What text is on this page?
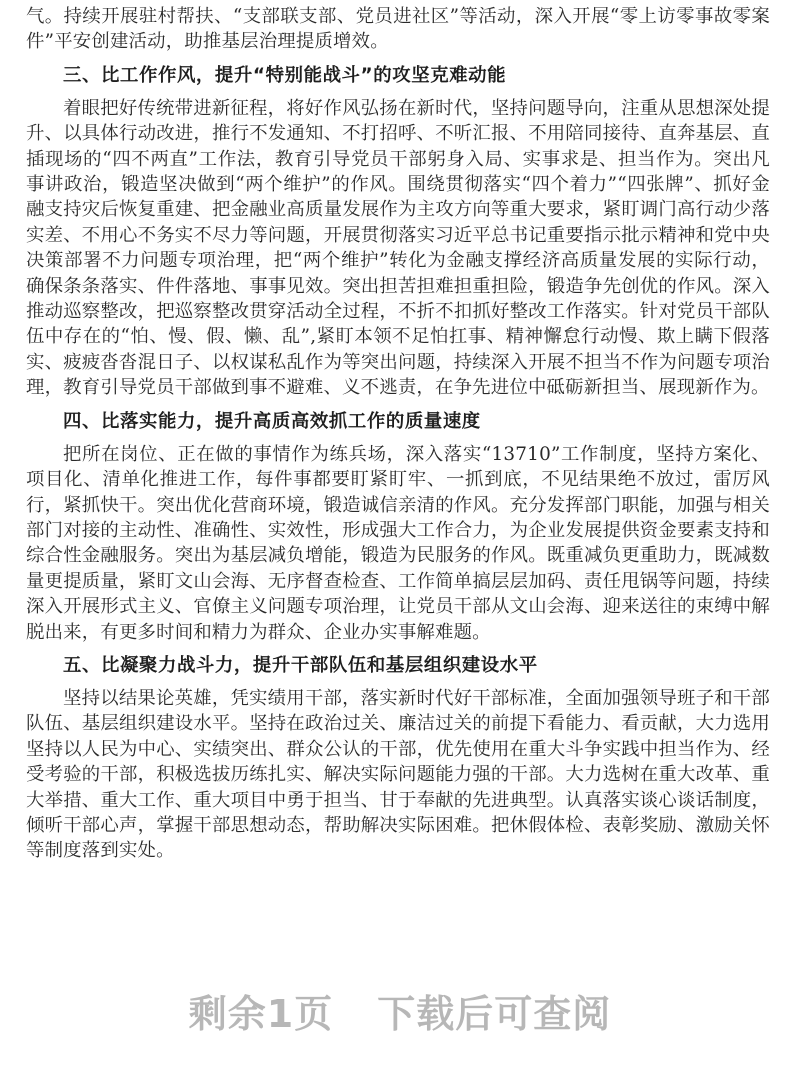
气。持续开展驻村帮扶、“支部联支部、党员进社区”等活动，深入开展“零上访零事故零案件”平安创建活动，助推基层治理提质增效。

三、比工作作风，提升“特别能战斗”的攻坚克难动能

着眼把好传统带进新征程，将好作风弘扬在新时代，坚持问题导向，注重从思想深处提升、以具体行动改进，推行不发通知、不打招呼、不听汇报、不用陪同接待、直奔基层、直插现场的“四不两直”工作法，教育引导党员干部躬身入局、实事求是、担当作为。突出凡事讲政治，锻造坚决做到“两个维护”的作风。围绕贯彻落实“四个着力”“四张牌”、抓好金融支持灾后恢复重建、把金融业高质量发展作为主攻方向等重大要求，紧盯调门高行动少落实差、不用心不务实不尽力等问题，开展贯彻落实习近平总书记重要指示批示精神和党中央决策部署不力问题专项治理，把“两个维护”转化为金融支撑经济高质量发展的实际行动，确保条条落实、件件落地、事事见效。突出担苦担难担重担险，锻造争先创优的作风。深入推动巡察整改，把巡察整改贯穿活动全过程，不折不扣抓好整改工作落实。针对党员干部队伍中存在的“怕、慢、假、懒、乱”,紧盯本领不足怕扛事、精神懈怠行动慢、欺上瞒下假落实、疲疲沓沓混日子、以权谋私乱作为等突出问题，持续深入开展不担当不作为问题专项治理，教育引导党员干部做到事不避难、义不逃责，在争先进位中砥砺新担当、展现新作为。

四、比落实能力，提升高质高效抓工作的质量速度

把所在岗位、正在做的事情作为练兵场，深入落实“13710”工作制度，坚持方案化、项目化、清单化推进工作，每件事都要盯紧盯牢、一抓到底，不见结果绝不放过，雷厉风行，紧抓快干。突出优化营商环境，锻造诚信亲清的作风。充分发挥部门职能，加强与相关部门对接的主动性、准确性、实效性，形成强大工作合力，为企业发展提供资金要素支持和综合性金融服务。突出为基层减负增能，锻造为民服务的作风。既重减负更重助力，既减数量更提质量，紧盯文山会海、无序督查检查、工作简单搞层层加码、责任甩锅等问题，持续深入开展形式主义、官僚主义问题专项治理，让党员干部从文山会海、迎来送往的束缚中解脱出来，有更多时间和精力为群众、企业办实事解难题。

五、比凝聚力战斗力，提升干部队伍和基层组织建设水平

坚持以结果论英雄，凭实绩用干部，落实新时代好干部标准，全面加强领导班子和干部队伍、基层组织建设水平。坚持在政治过关、廉洁过关的前提下看能力、看贡献，大力选用坚持以人民为中心、实绩突出、群众公认的干部，优先使用在重大斗争实践中担当作为、经受考验的干部，积极选拔历练扎实、解决实际问题能力强的干部。大力选树在重大改革、重大举措、重大工作、重大项目中勇于担当、甘于奉献的先进典型。认真落实谈心谈话制度，倾听干部心声，掌握干部思想动态，帮助解决实际困难。把休假体检、表彰奖励、激励关怀等制度落到实处。

剩余1页 下载后可查阅
